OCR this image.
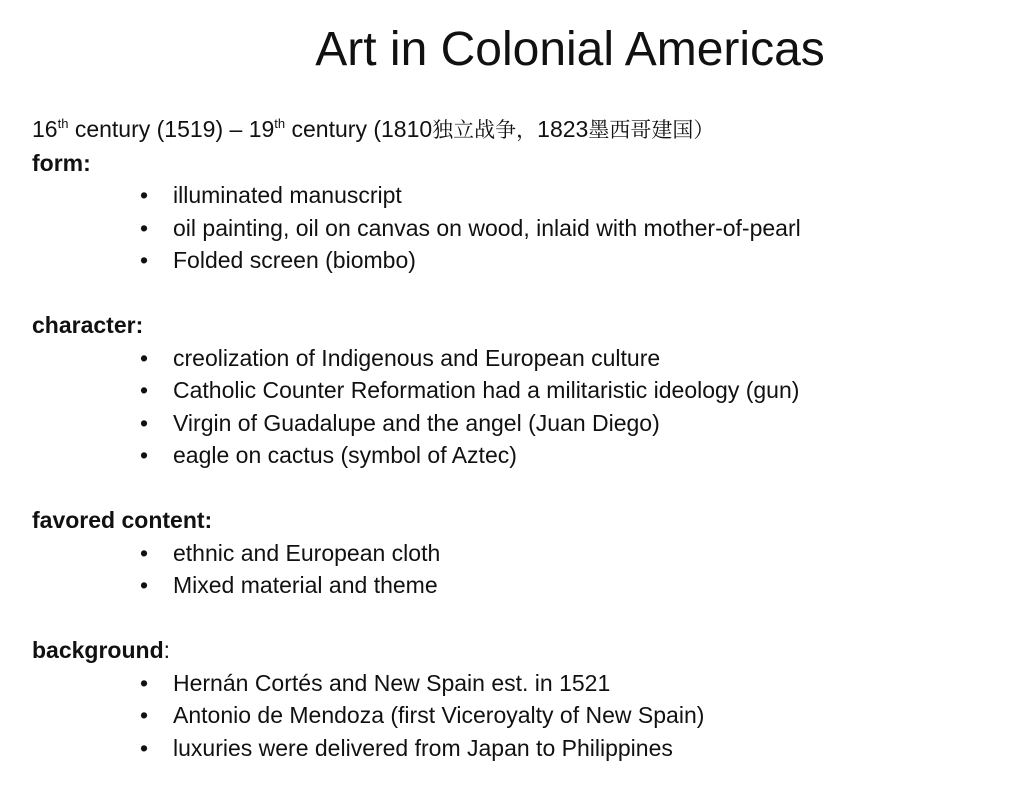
Art in Colonial Americas

16th century (1519) – 19th century (1810独立战争，1823墨西哥建国）

form:

• illuminated manuscript
• oil painting, oil on canvas on wood, inlaid with mother-of-pearl
• Folded screen (biombo)

character:

• creolization of Indigenous and European culture
• Catholic Counter Reformation had a militaristic ideology (gun)
• Virgin of Guadalupe and the angel (Juan Diego)
• eagle on cactus (symbol of Aztec)

favored content:

• ethnic and European cloth
• Mixed material and theme

background:

• Hernán Cortés and New Spain est. in 1521
• Antonio de Mendoza (first Viceroyalty of New Spain)
• luxuries were delivered from Japan to Philippines
